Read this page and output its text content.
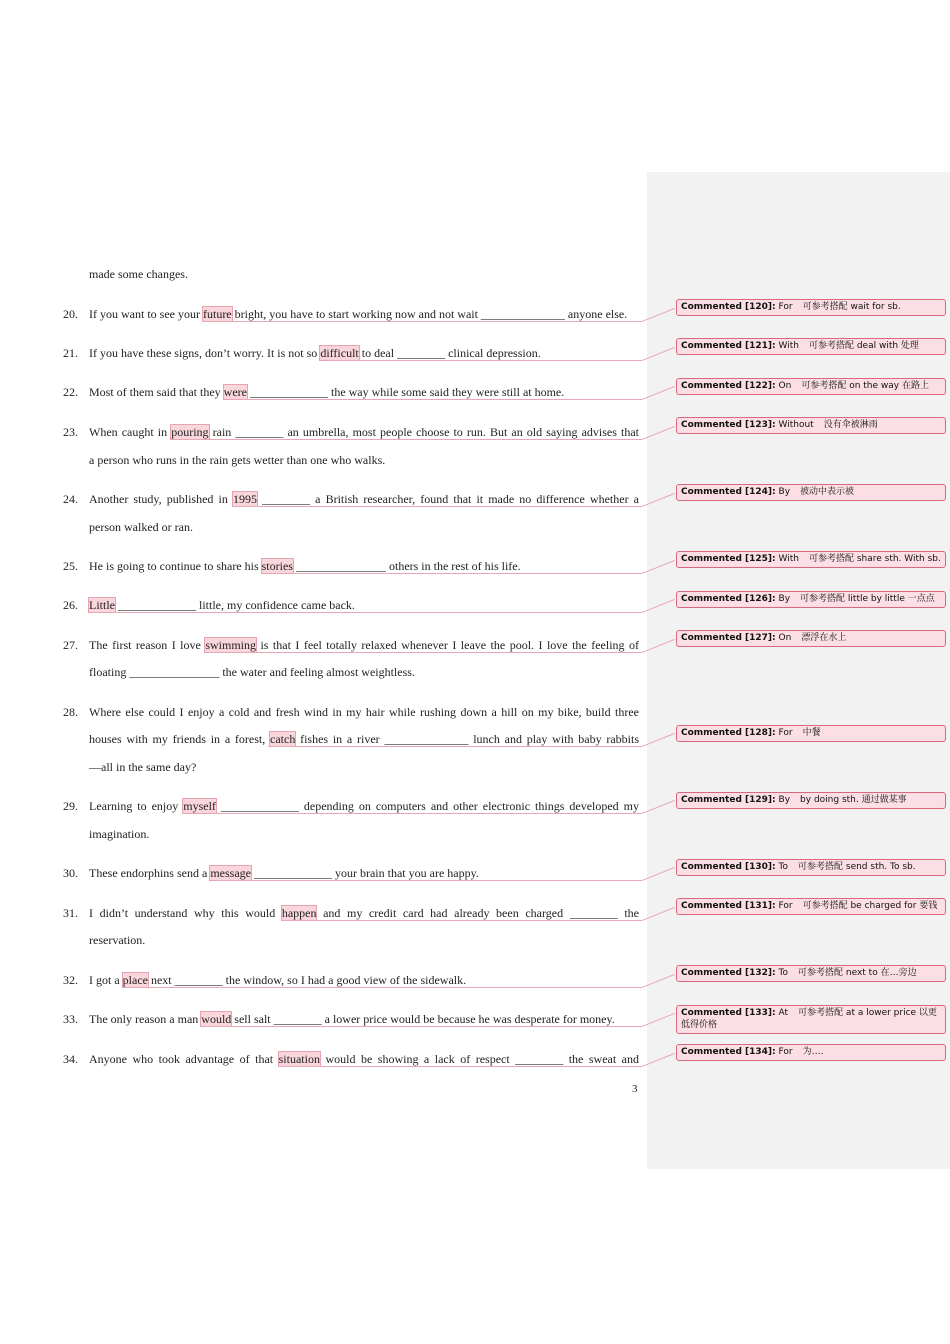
made some changes.
20. If you want to see your future bright, you have to start working now and not wait ______________ anyone else.
21. If you have these signs, don’t worry. It is not so difficult to deal ________ clinical depression.
22. Most of them said that they were _____________ the way while some said they were still at home.
23. When caught in pouring rain ________ an umbrella, most people choose to run. But an old saying advises that
a person who runs in the rain gets wetter than one who walks.
24. Another study, published in 1995 ________ a British researcher, found that it made no difference whether a
person walked or ran.
25. He is going to continue to share his stories _______________ others in the rest of his life.
26. Little _____________ little, my confidence came back.
27. The first reason I love swimming is that I feel totally relaxed whenever I leave the pool. I love the feeling of
floating _______________ the water and feeling almost weightless.
28. Where else could I enjoy a cold and fresh wind in my hair while rushing down a hill on my bike, build three
houses with my friends in a forest, catch fishes in a river ______________ lunch and play with baby rabbits
—all in the same day?
29. Learning to enjoy myself _____________ depending on computers and other electronic things developed my
imagination.
30. These endorphins send a message _____________ your brain that you are happy.
31. I didn’t understand why this would happen and my credit card had already been charged ________ the
reservation.
32. I got a place next ________ the window, so I had a good view of the sidewalk.
33. The only reason a man would sell salt ________ a lower price would be because he was desperate for money.
34. Anyone who took advantage of that situation would be showing a lack of respect ________ the sweat and
Commented [120]: For 可参考搭配 wait for sb.
Commented [121]: With 可参考搭配 deal with 处理
Commented [122]: On 可参考搭配 on the way 在路上
Commented [123]: Without 没有伞被淋雨
Commented [124]: By 被动中表示被
Commented [125]: With 可参考搭配 share sth. With sb.
Commented [126]: By 可参考搭配 little by little 一点点
Commented [127]: On 漂浮在水上
Commented [128]: For 中餐
Commented [129]: By by doing sth. 通过做某事
Commented [130]: To 可参考搭配 send sth. To sb.
Commented [131]: For 可参考搭配 be charged for 要钱
Commented [132]: To 可参考搭配 next to 在…旁边
Commented [133]: At 可参考搭配 at a lower price 以更低得价格
Commented [134]: For 为….
3
